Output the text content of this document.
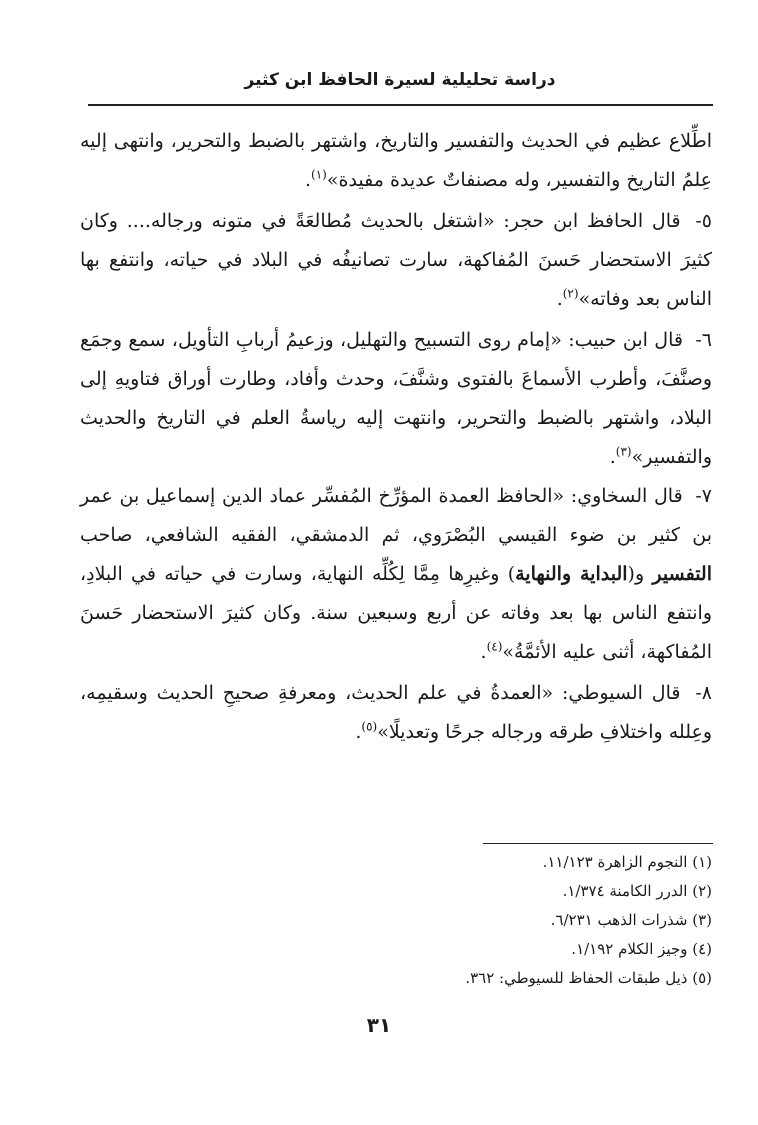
دراسة تحليلية لسيرة الحافظ ابن كثير

اطِّلاع عظيم في الحديث والتفسير والتاريخ، واشتهر بالضبط والتحرير، وانتهى إليه عِلمُ التاريخ والتفسير، وله مصنفاتٌ عديدة مفيدة»$^{(١)}$.

٥- قال الحافظ ابن حجر: «اشتغل بالحديث مُطالعَةً في متونه ورجاله.... وكان كثيرَ الاستحضار حَسنَ المُفاكهة، سارت تصانيفُه في البلاد في حياته، وانتفع بها الناس بعد وفاته»$^{(٢)}$.

٦- قال ابن حبيب: «إمام روى التسبيح والتهليل، وزعيمُ أربابِ التأويل، سمع وجمَع وصنَّفَ، وأطرب الأسماعَ بالفتوى وشنَّفَ، وحدث وأفاد، وطارت أوراق فتاويهِ إلى البلاد، واشتهر بالضبط والتحرير، وانتهت إليه رياسةُ العلم في التاريخ والحديث والتفسير»$^{(٣)}$.

٧- قال السخاوي: «الحافظ العمدة المؤرِّخ المُفسِّر عماد الدين إسماعيل بن عمر بن كثير بن ضوء القيسي البُصْرَوي، ثم الدمشقي، الفقيه الشافعي، صاحب التفسير و(البداية والنهاية) وغيرِها مِمَّا لِكُلِّه النهاية، وسارت في حياته في البلادِ، وانتفع الناس بها بعد وفاته عن أربع وسبعين سنة. وكان كثيرَ الاستحضار حَسنَ المُفاكهة، أثنى عليه الأئمَّةُ»$^{(٤)}$.

٨- قال السيوطي: «العمدةُ في علم الحديث، ومعرفةِ صحيحِ الحديث وسقيمِه، وعِلله واختلافِ طرقه ورجاله جرحًا وتعديلًا»$^{(٥)}$.

(١) النجوم الزاهرة ١١/١٢٣.
(٢) الدرر الكامنة ١/٣٧٤.
(٣) شذرات الذهب ٦/٢٣١.
(٤) وجيز الكلام ١/١٩٢.
(٥) ذيل طبقات الحفاظ للسيوطي: ٣٦٢.
٣١
